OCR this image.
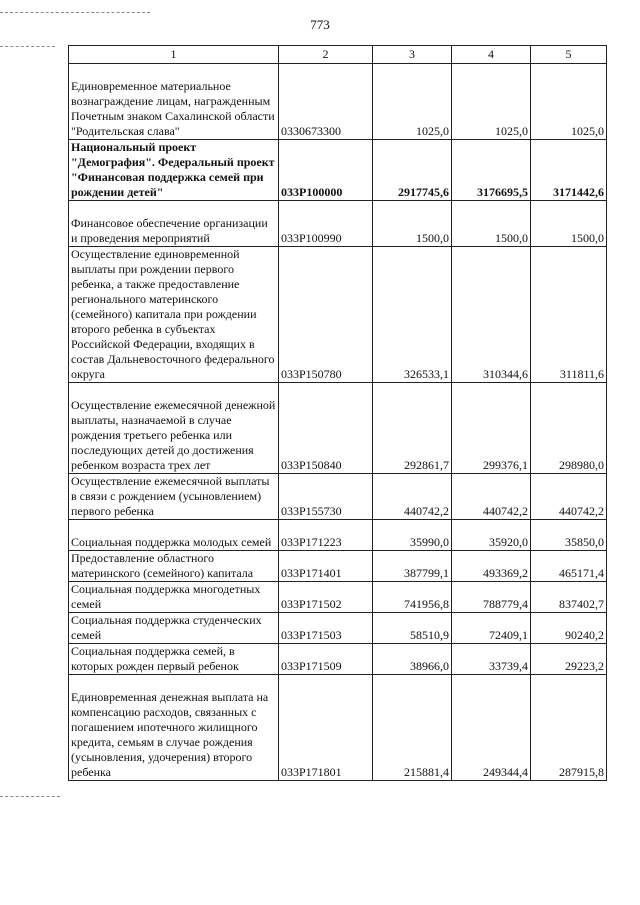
773
1	2	3	4	5
Единовременное материальное вознаграждение лицам, награжденным Почетным знаком Сахалинской области "Родительская слава"	0330673300	1025,0	1025,0	1025,0
Национальный проект "Демография". Федеральный проект "Финансовая поддержка семей при рождении детей"	033P100000	2917745,6	3176695,5	3171442,6
Финансовое обеспечение организации и проведения мероприятий	033P100990	1500,0	1500,0	1500,0
Осуществление единовременной выплаты при рождении первого ребенка, а также предоставление регионального материнского (семейного) капитала при рождении второго ребенка в субъектах Российской Федерации, входящих в состав Дальневосточного федерального округа	033P150780	326533,1	310344,6	311811,6
Осуществление ежемесячной денежной выплаты, назначаемой в случае рождения третьего ребенка или последующих детей до достижения ребенком возраста трех лет	033P150840	292861,7	299376,1	298980,0
Осуществление ежемесячной выплаты в связи с рождением (усыновлением) первого ребенка	033P155730	440742,2	440742,2	440742,2
Социальная поддержка молодых семей	033P171223	35990,0	35920,0	35850,0
Предоставление областного материнского (семейного) капитала	033P171401	387799,1	493369,2	465171,4
Социальная поддержка многодетных семей	033P171502	741956,8	788779,4	837402,7
Социальная поддержка студенческих семей	033P171503	58510,9	72409,1	90240,2
Социальная поддержка семей, в которых рожден первый ребенок	033P171509	38966,0	33739,4	29223,2
Единовременная денежная выплата на компенсацию расходов, связанных с погашением ипотечного жилищного кредита, семьям в случае рождения (усыновления, удочерения) второго ребенка	033P171801	215881,4	249344,4	287915,8
